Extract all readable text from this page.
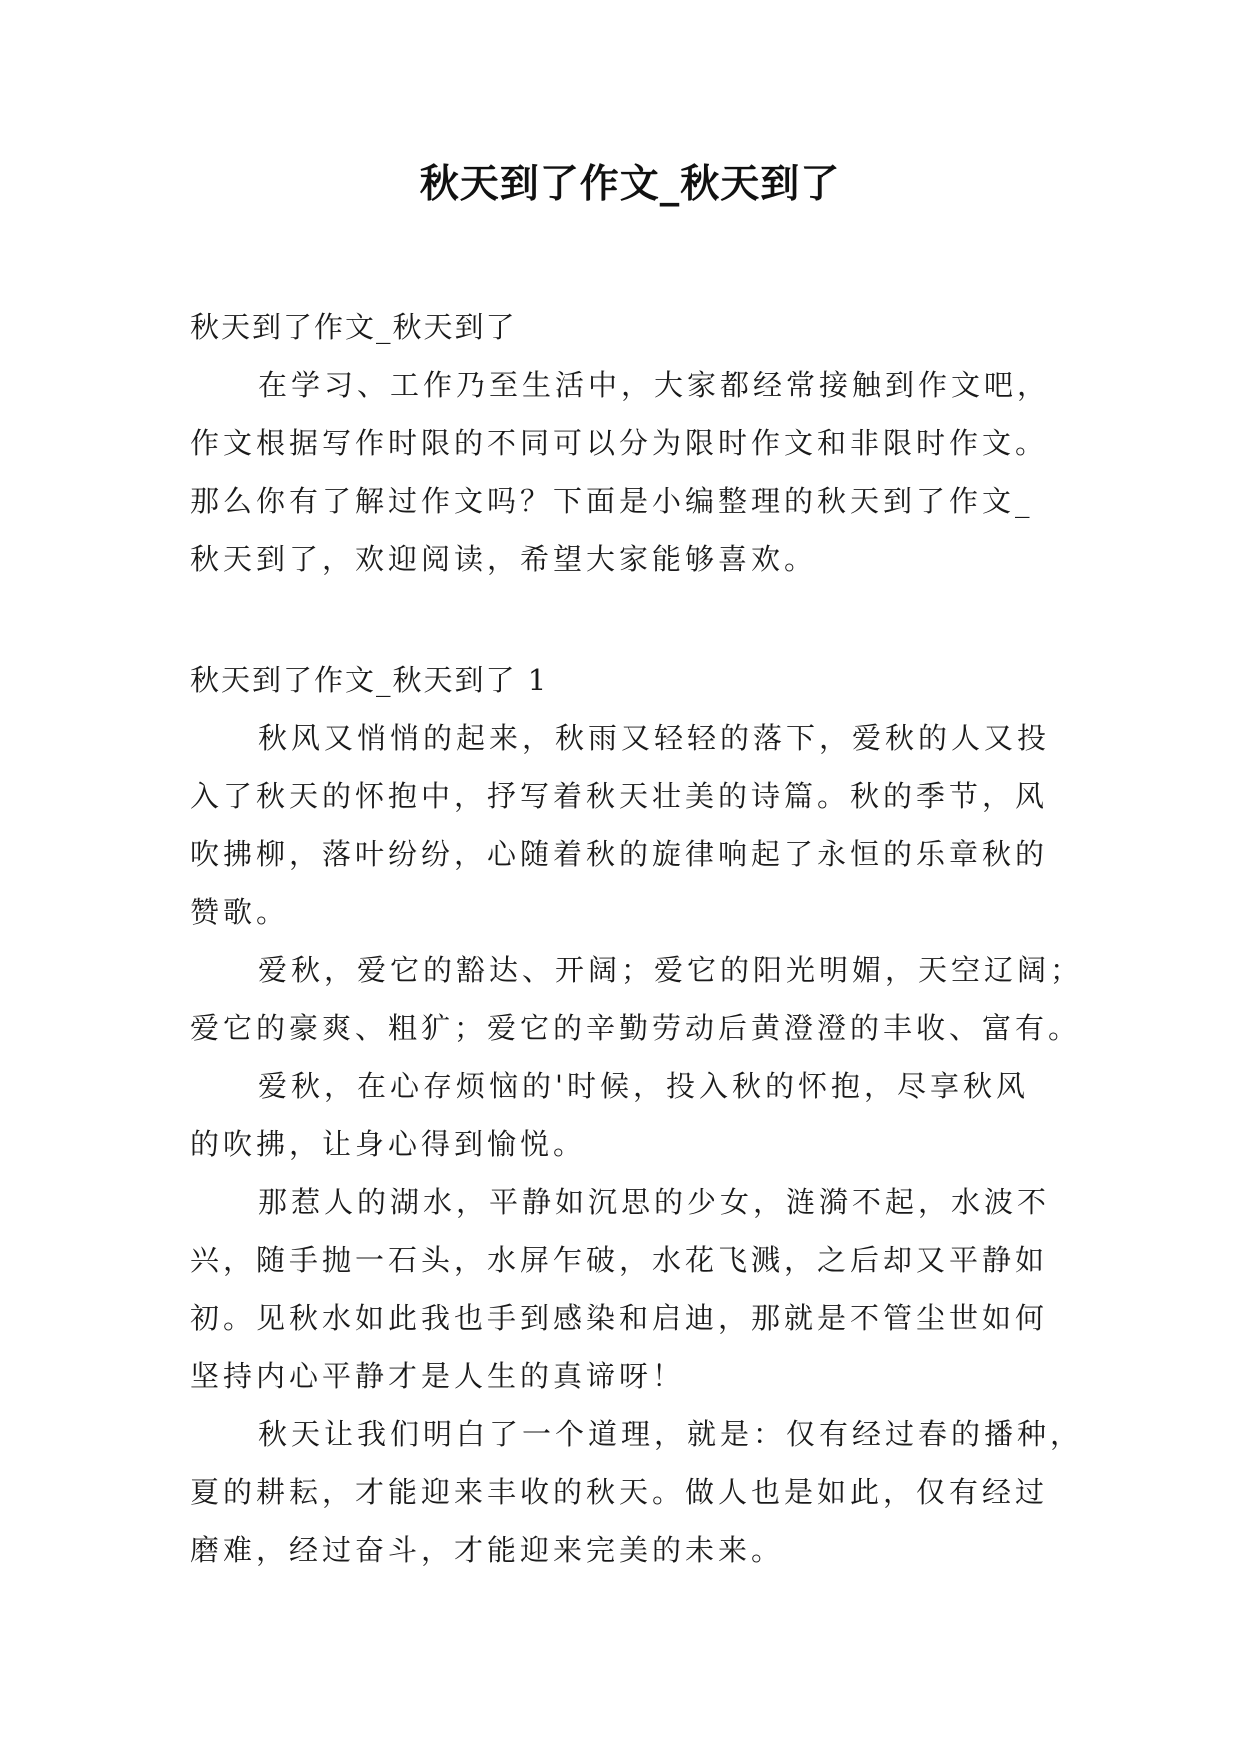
秋天到了作文_秋天到了

秋天到了作文_秋天到了

在学习、工作乃至生活中，大家都经常接触到作文吧，

作文根据写作时限的不同可以分为限时作文和非限时作文。

那么你有了解过作文吗？下面是小编整理的秋天到了作文_

秋天到了，欢迎阅读，希望大家能够喜欢。

秋天到了作文_秋天到了 1

秋风又悄悄的起来，秋雨又轻轻的落下，爱秋的人又投

入了秋天的怀抱中，抒写着秋天壮美的诗篇。秋的季节，风

吹拂柳，落叶纷纷，心随着秋的旋律响起了永恒的乐章秋的

赞歌。

爱秋，爱它的豁达、开阔；爱它的阳光明媚，天空辽阔；

爱它的豪爽、粗犷；爱它的辛勤劳动后黄澄澄的丰收、富有。

爱秋，在心存烦恼的'时候，投入秋的怀抱，尽享秋风

的吹拂，让身心得到愉悦。

那惹人的湖水，平静如沉思的少女，涟漪不起，水波不

兴，随手抛一石头，水屏乍破，水花飞溅，之后却又平静如

初。见秋水如此我也手到感染和启迪，那就是不管尘世如何

坚持内心平静才是人生的真谛呀！

秋天让我们明白了一个道理，就是：仅有经过春的播种，

夏的耕耘，才能迎来丰收的秋天。做人也是如此，仅有经过

磨难，经过奋斗，才能迎来完美的未来。
